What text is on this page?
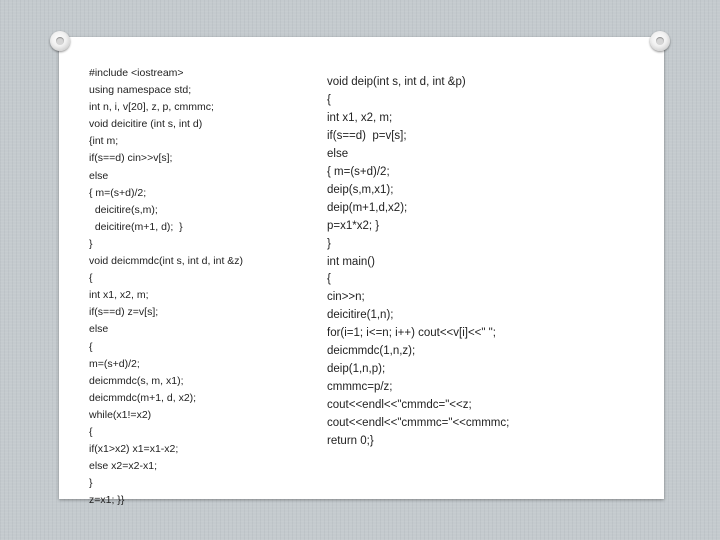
#include <iostream>
using namespace std;
int n, i, v[20], z, p, cmmmc;
void deicitire (int s, int d)
{int m;
if(s==d) cin>>v[s];
else
{ m=(s+d)/2;
deicitire(s,m);
deicitire(m+1, d);  }
}
void deicmmdc(int s, int d, int &z)
{
int x1, x2, m;
if(s==d) z=v[s];
else
{
m=(s+d)/2;
deicmmdc(s, m, x1);
deicmmdc(m+1, d, x2);
while(x1!=x2)
{
if(x1>x2) x1=x1-x2;
else x2=x2-x1;
}
z=x1; }}
void deip(int s, int d, int &p)
{
int x1, x2, m;
if(s==d)  p=v[s];
else
{ m=(s+d)/2;
deip(s,m,x1);
deip(m+1,d,x2);
p=x1*x2; }
}
int main()
{
cin>>n;
deicitire(1,n);
for(i=1; i<=n; i++) cout<<v[i]<<" ";
deicmmdc(1,n,z);
deip(1,n,p);
cmmmc=p/z;
cout<<endl<<"cmmdc="<<z;
cout<<endl<<"cmmmc="<<cmmmc;
return 0;}
